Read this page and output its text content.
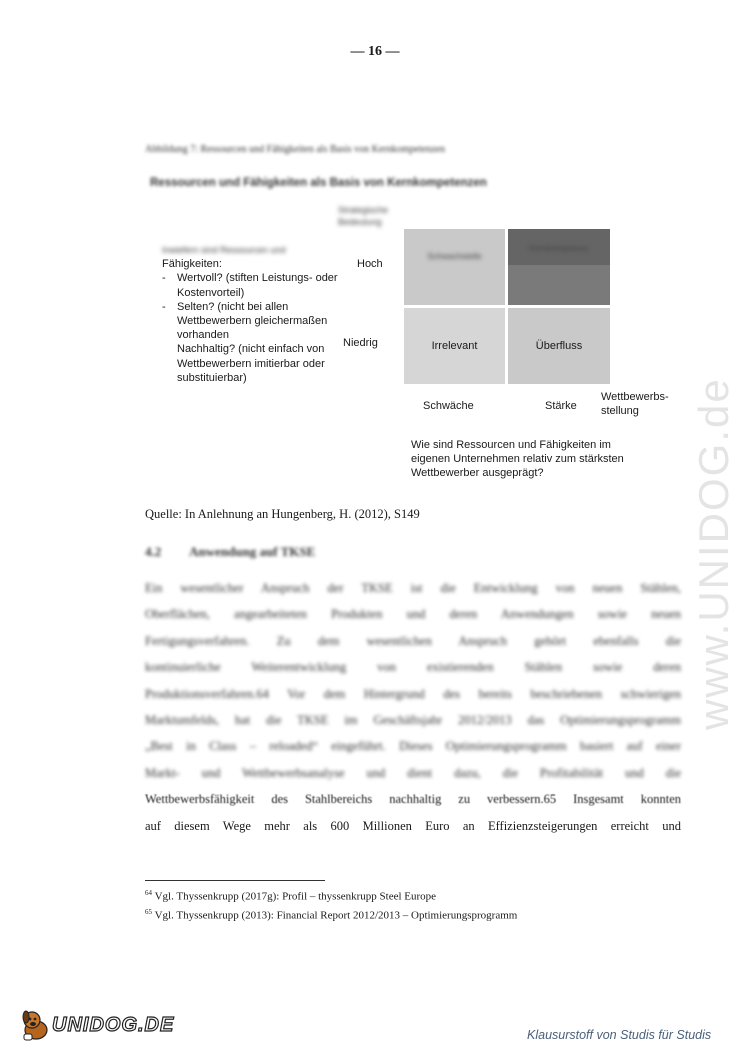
— 16 —
Abbildung 7: Ressourcen und Fähigkeiten als Basis von Kernkompetenzen
Ressourcen und Fähigkeiten als Basis von Kernkompetenzen
Strategische Bedeutung
Inwiefern sind Ressourcen und
Fähigkeiten:
- Wertvoll? (stiften Leistungs- oder Kostenvorteil)
- Selten? (nicht bei allen Wettbewerbern gleichermaßen vorhanden
Nachhaltig? (nicht einfach von Wettbewerbern imitierbar oder substituierbar)
Hoch
Niedrig
Schwachstelle
Kernkompetenz
Irrelevant	Überfluss
Schwäche	Stärke
Wettbewerbs- stellung
Wie sind Ressourcen und Fähigkeiten im eigenen Unternehmen relativ zum stärksten Wettbewerber ausgeprägt?
Quelle: In Anlehnung an Hungenberg, H. (2012), S149
4.2 Anwendung auf TKSE
Ein wesentlicher Anspruch der TKSE ist die Entwicklung von neuen Stählen,
Oberflächen, angearbeiteten Produkten und deren Anwendungen sowie neuen
Fertigungsverfahren. Zu dem wesentlichen Anspruch gehört ebenfalls die
kontinuierliche Weiterentwicklung von existierenden Stählen sowie deren
Produktionsverfahren.64 Vor dem Hintergrund des bereits beschriebenen schwierigen
Marktumfelds, hat die TKSE im Geschäftsjahr 2012/2013 das Optimierungsprogramm
„Best in Class – reloaded“ eingeführt. Dieses Optimierungsprogramm basiert auf einer
Markt- und Wettbewerbsanalyse und dient dazu, die Profitabilität und die
Wettbewerbsfähigkeit des Stahlbereichs nachhaltig zu verbessern.65 Insgesamt konnten
auf diesem Wege mehr als 600 Millionen Euro an Effizienzsteigerungen erreicht und
$^{64}$ Vgl. Thyssenkrupp (2017g): Profil – thyssenkrupp Steel Europe
$^{65}$ Vgl. Thyssenkrupp (2013): Financial Report 2012/2013 – Optimierungsprogramm
www.UNIDOG.de
UNIDOG.DE	Klausurstoff von Studis für Studis
